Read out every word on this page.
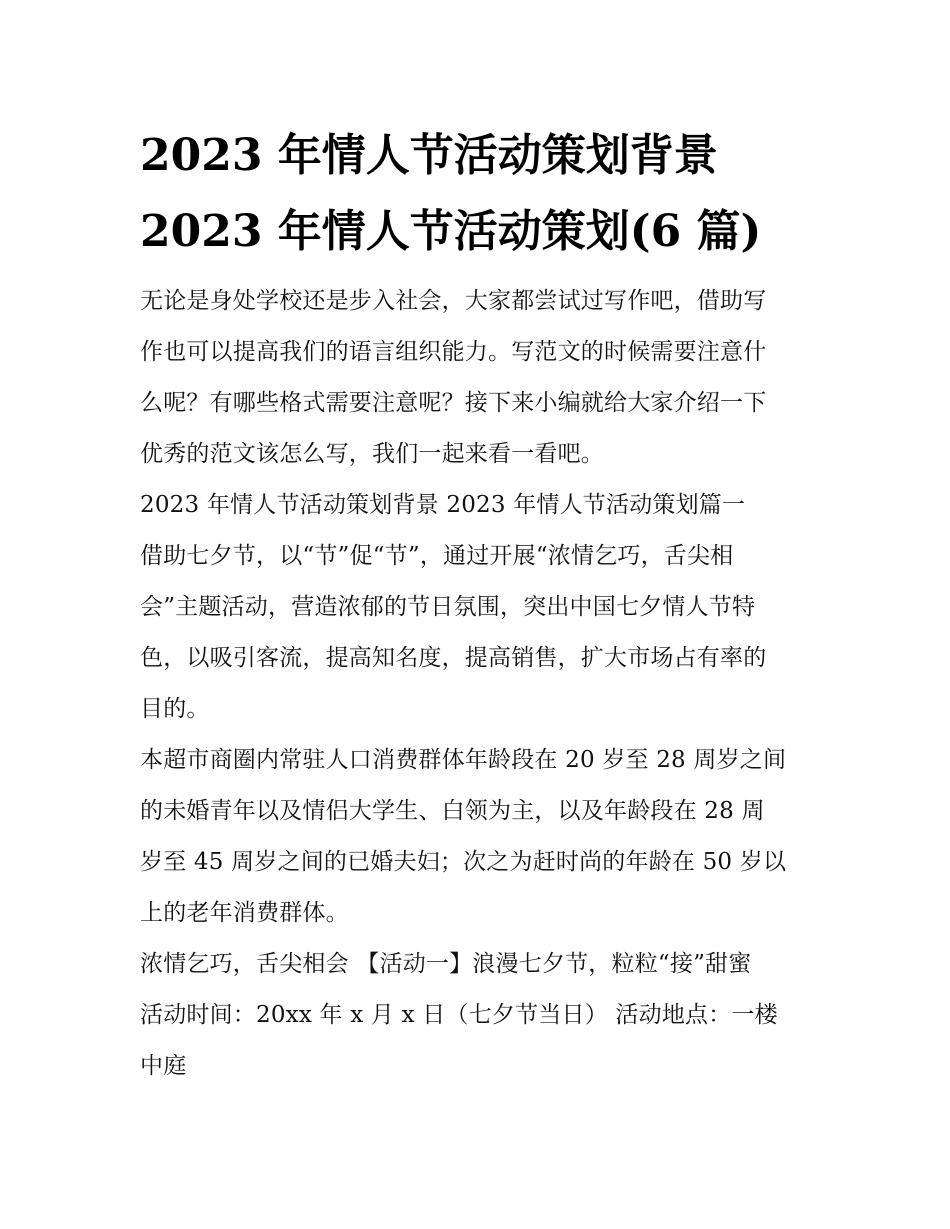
2023 年情人节活动策划背景
2023 年情人节活动策划(6 篇)

无论是身处学校还是步入社会，大家都尝试过写作吧，借助写
作也可以提高我们的语言组织能力。写范文的时候需要注意什
么呢？有哪些格式需要注意呢？接下来小编就给大家介绍一下
优秀的范文该怎么写，我们一起来看一看吧。

2023 年情人节活动策划背景 2023 年情人节活动策划篇一

借助七夕节，以“节”促“节”，通过开展“浓情乞巧，舌尖相
会”主题活动，营造浓郁的节日氛围，突出中国七夕情人节特
色，以吸引客流，提高知名度，提高销售，扩大市场占有率的
目的。

本超市商圈内常驻人口消费群体年龄段在 20 岁至 28 周岁之间
的未婚青年以及情侣大学生、白领为主，以及年龄段在 28 周
岁至 45 周岁之间的已婚夫妇；次之为赶时尚的年龄在 50 岁以
上的老年消费群体。

浓情乞巧，舌尖相会 【活动一】浪漫七夕节，粒粒“接”甜蜜
活动时间：20xx 年 x 月 x 日（七夕节当日） 活动地点：一楼
中庭
